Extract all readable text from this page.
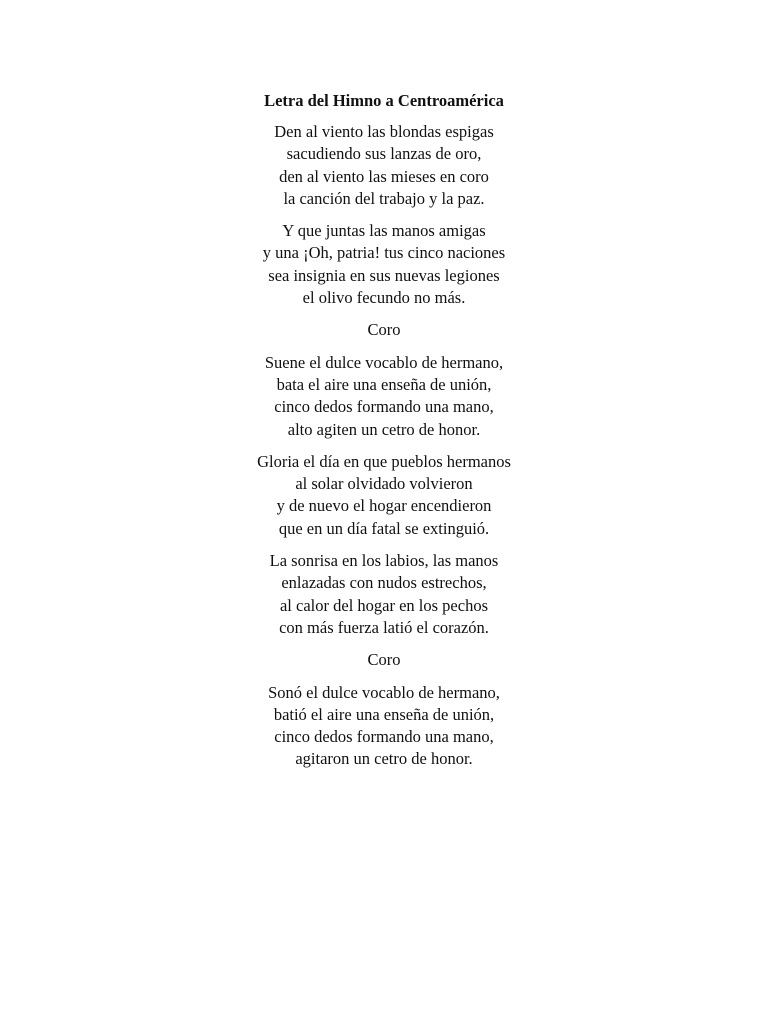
Letra del Himno a Centroamérica
Den al viento las blondas espigas
sacudiendo sus lanzas de oro,
den al viento las mieses en coro
la canción del trabajo y la paz.
Y que juntas las manos amigas
y una ¡Oh, patria! tus cinco naciones
sea insignia en sus nuevas legiones
el olivo fecundo no más.
Coro
Suene el dulce vocablo de hermano,
bata el aire una enseña de unión,
cinco dedos formando una mano,
alto agiten un cetro de honor.
Gloria el día en que pueblos hermanos
al solar olvidado volvieron
y de nuevo el hogar encendieron
que en un día fatal se extinguió.
La sonrisa en los labios, las manos
enlazadas con nudos estrechos,
al calor del hogar en los pechos
con más fuerza latió el corazón.
Coro
Sonó el dulce vocablo de hermano,
batió el aire una enseña de unión,
cinco dedos formando una mano,
agitaron un cetro de honor.
